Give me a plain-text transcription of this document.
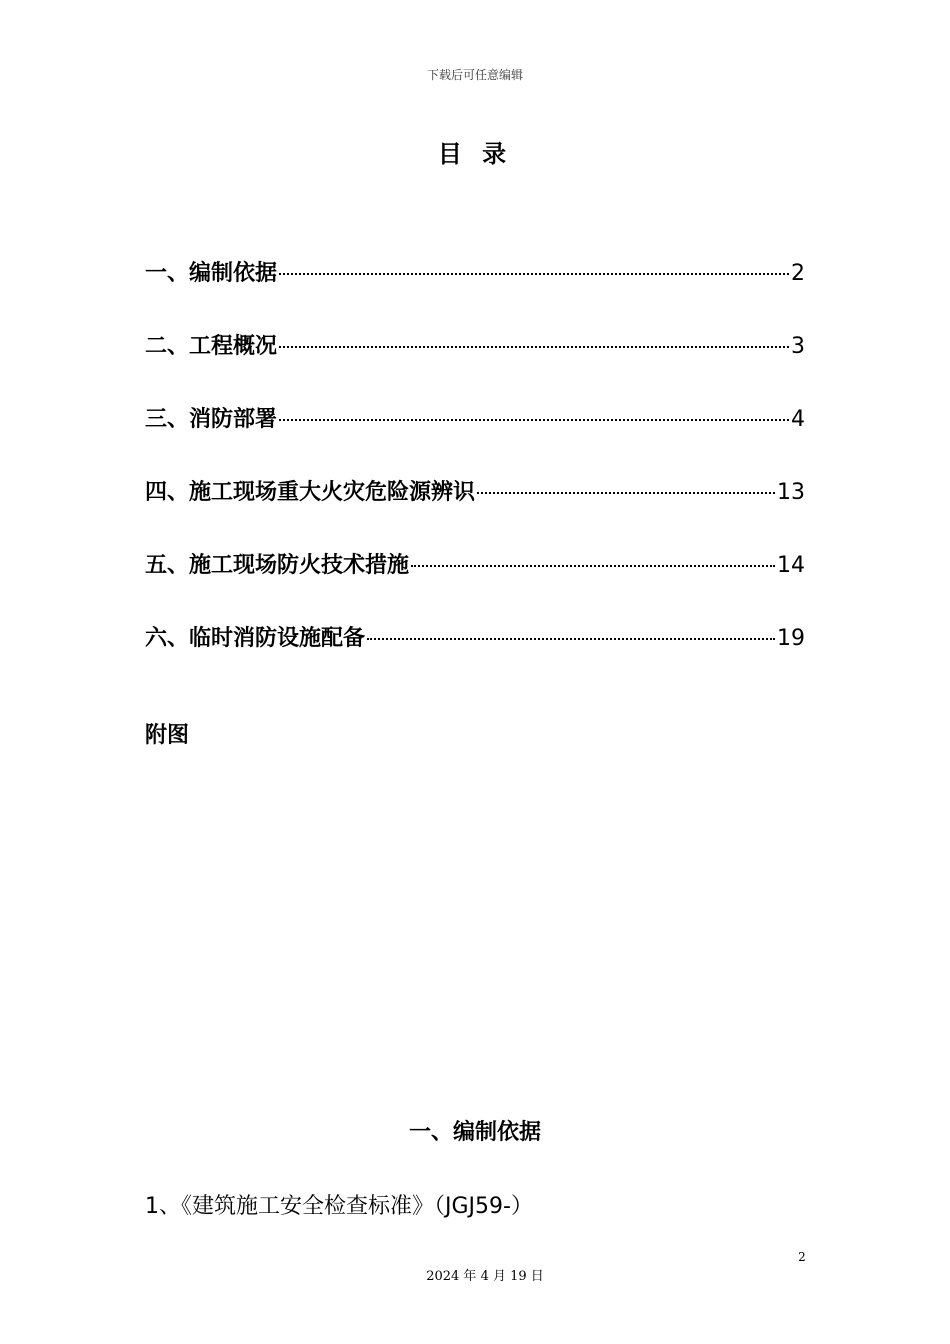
下载后可任意编辑
目 录
一、编制依据	2
二、工程概况	3
三、消防部署	4
四、施工现场重大火灾危险源辨识	13
五、施工现场防火技术措施	14
六、临时消防设施配备	19
附图
一、编制依据
1、《建筑施工安全检查标准》（JGJ59-）
2
2024 年 4 月 19 日
